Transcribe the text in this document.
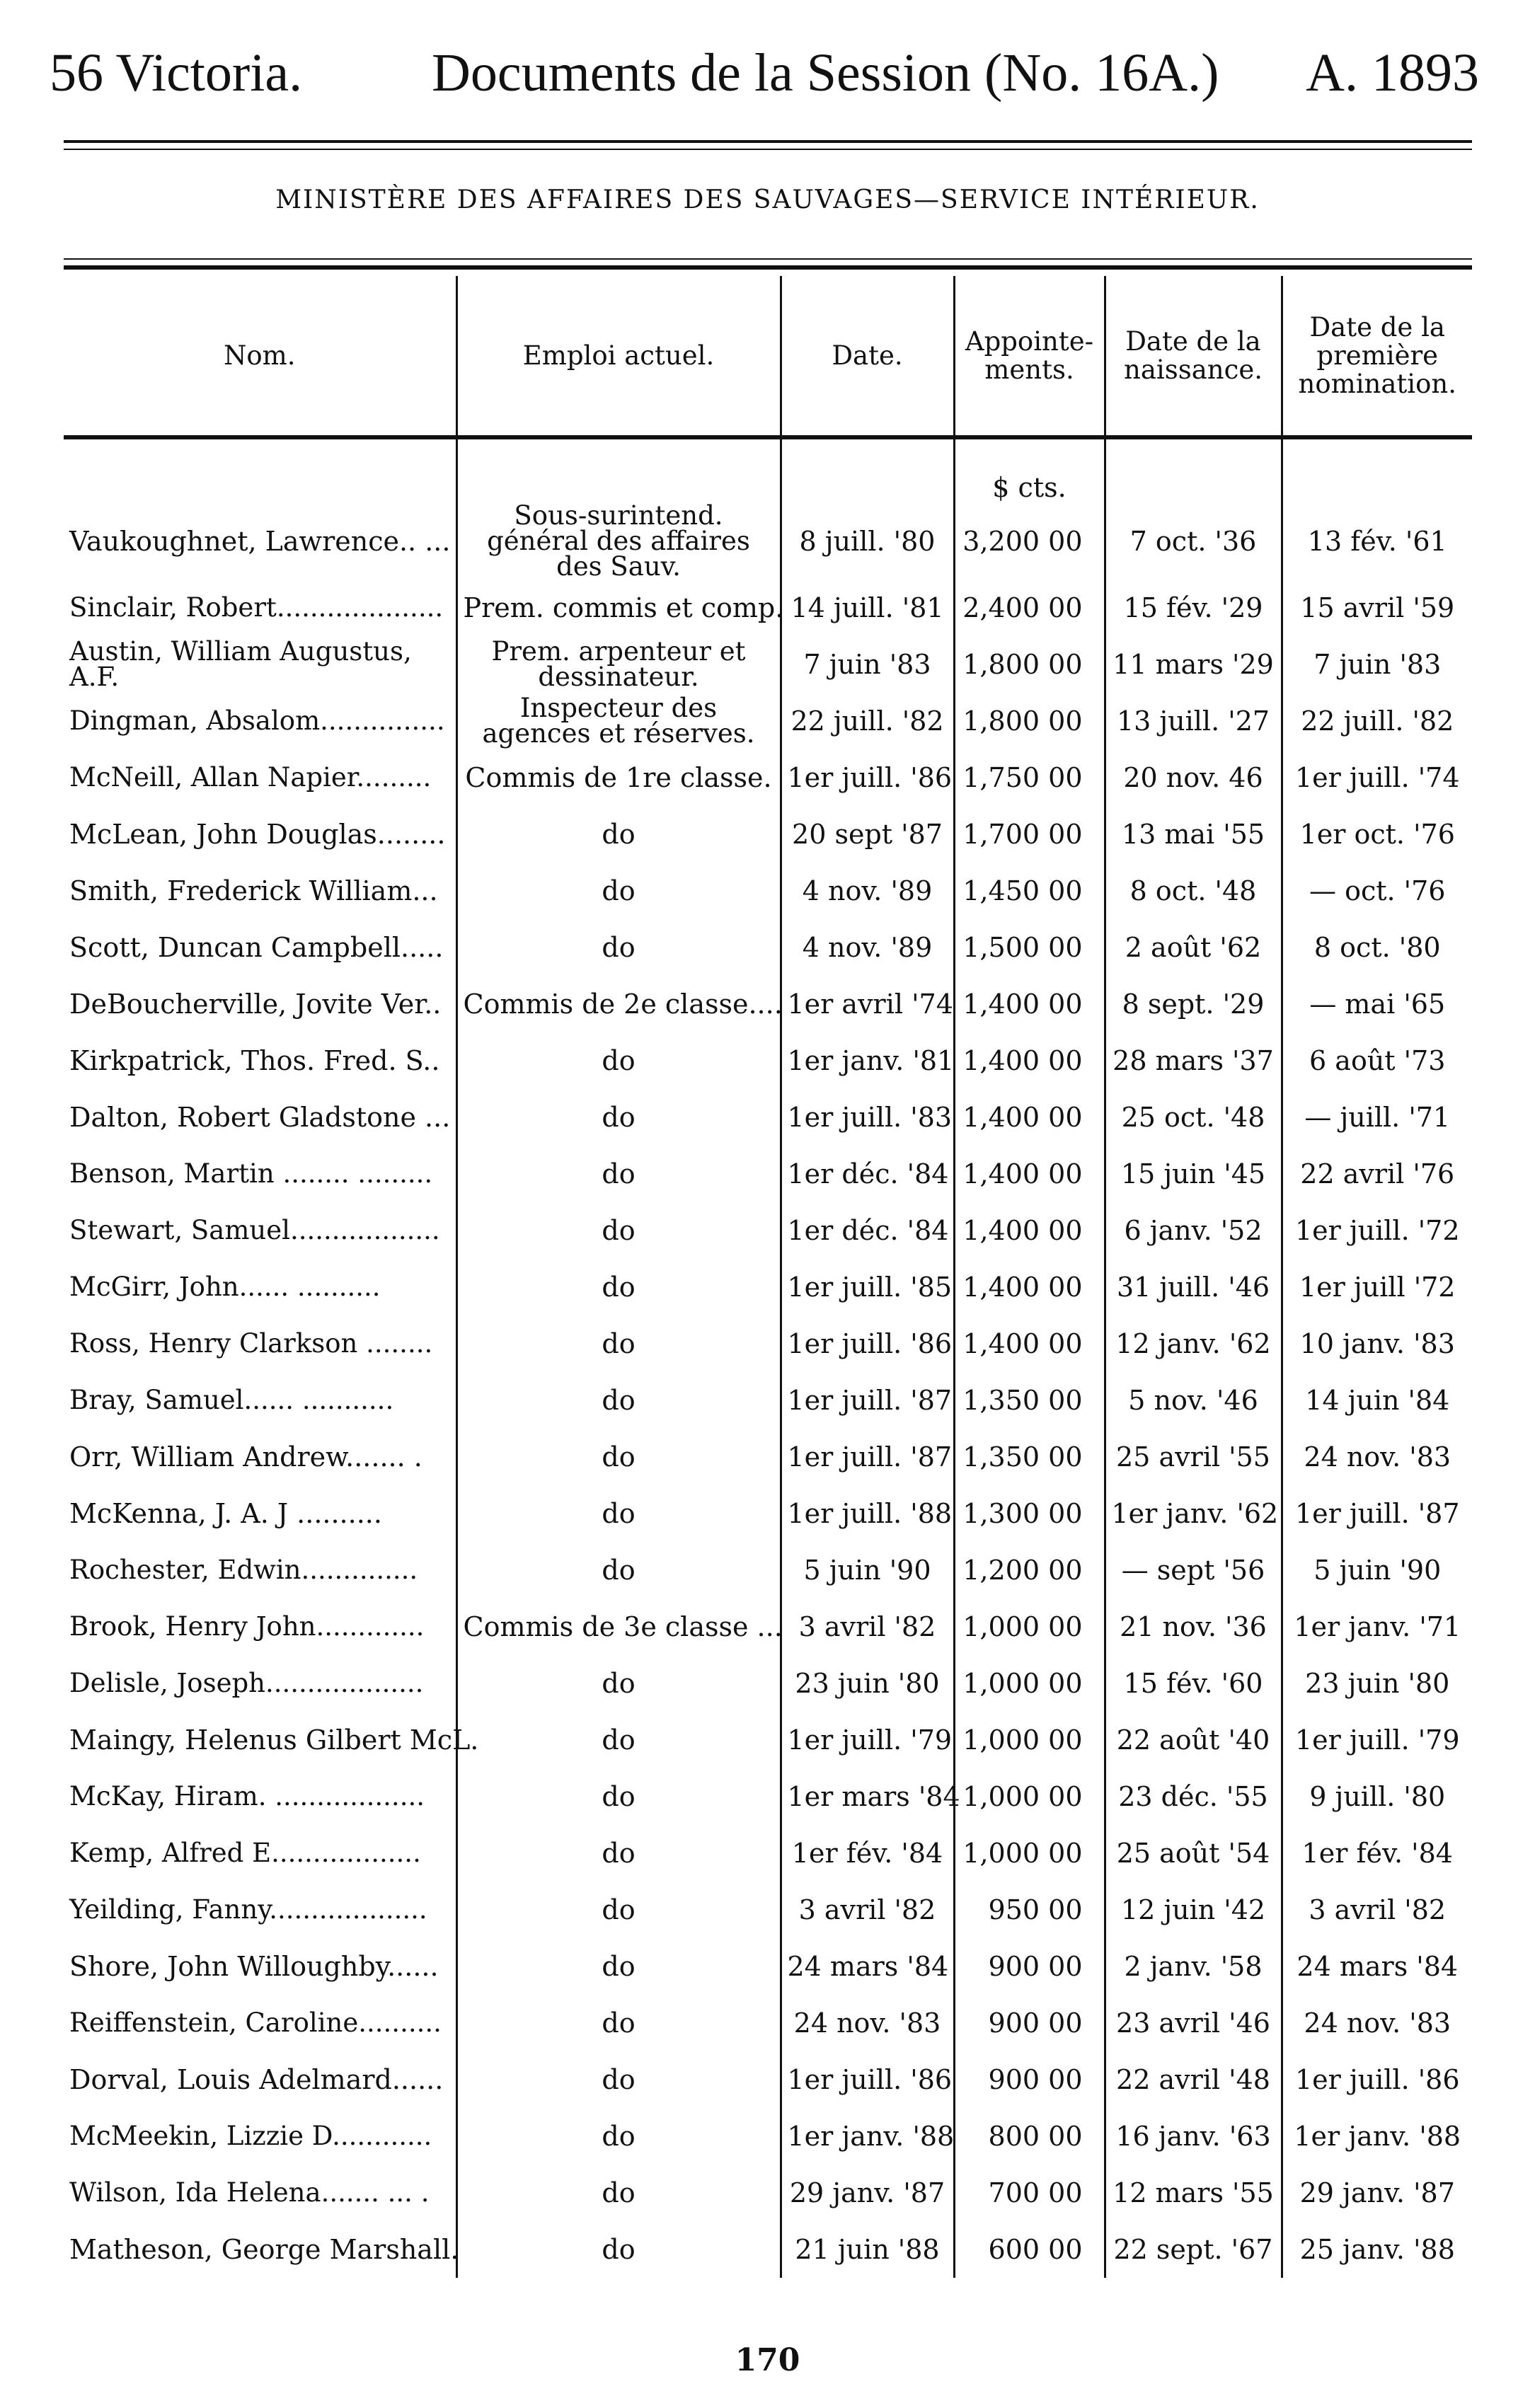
56 Victoria. Documents de la Session (No. 16A.) A. 1893
MINISTÈRE DES AFFAIRES DES SAUVAGES—SERVICE INTÉRIEUR.
Nom.	Emploi actuel.	Date.	Appointe-ments.	Date de la naissance.	Date de la première nomination.
			$ cts.		
Vaukoughnet, Lawrence.. ...	Sous-surintend. général des affaires des Sauv.	8 juill. '80	3,200 00	7 oct. '36	13 fév. '61
Sinclair, Robert....................	Prem. commis et comp.	14 juill. '81	2,400 00	15 fév. '29	15 avril '59
Austin, William Augustus, A.F.	Prem. arpenteur et dessinateur.	7 juin '83	1,800 00	11 mars '29	7 juin '83
Dingman, Absalom...............	Inspecteur des agences et réserves.	22 juill. '82	1,800 00	13 juill. '27	22 juill. '82
McNeill, Allan Napier.........	Commis de 1re classe.	1er juill. '86	1,750 00	20 nov. 46	1er juill. '74
McLean, John Douglas........	do	20 sept '87	1,700 00	13 mai '55	1er oct. '76
Smith, Frederick William...	do	4 nov. '89	1,450 00	8 oct. '48	— oct. '76
Scott, Duncan Campbell.....	do	4 nov. '89	1,500 00	2 août '62	8 oct. '80
DeBoucherville, Jovite Ver..	Commis de 2e classe....	1er avril '74	1,400 00	8 sept. '29	— mai '65
Kirkpatrick, Thos. Fred. S..	do	1er janv. '81	1,400 00	28 mars '37	6 août '73
Dalton, Robert Gladstone ...	do	1er juill. '83	1,400 00	25 oct. '48	— juill. '71
Benson, Martin ........ .........	do	1er déc. '84	1,400 00	15 juin '45	22 avril '76
Stewart, Samuel..................	do	1er déc. '84	1,400 00	6 janv. '52	1er juill. '72
McGirr, John...... ..........	do	1er juill. '85	1,400 00	31 juill. '46	1er juill '72
Ross, Henry Clarkson ........	do	1er juill. '86	1,400 00	12 janv. '62	10 janv. '83
Bray, Samuel...... ...........	do	1er juill. '87	1,350 00	5 nov. '46	14 juin '84
Orr, William Andrew....... .	do	1er juill. '87	1,350 00	25 avril '55	24 nov. '83
McKenna, J. A. J ..........	do	1er juill. '88	1,300 00	1er janv. '62	1er juill. '87
Rochester, Edwin..............	do	5 juin '90	1,200 00	— sept '56	5 juin '90
Brook, Henry John.............	Commis de 3e classe ...	3 avril '82	1,000 00	21 nov. '36	1er janv. '71
Delisle, Joseph...................	do	23 juin '80	1,000 00	15 fév. '60	23 juin '80
Maingy, Helenus Gilbert McL.	do	1er juill. '79	1,000 00	22 août '40	1er juill. '79
McKay, Hiram. ..................	do	1er mars '84	1,000 00	23 déc. '55	9 juill. '80
Kemp, Alfred E..................	do	1er fév. '84	1,000 00	25 août '54	1er fév. '84
Yeilding, Fanny...................	do	3 avril '82	950 00	12 juin '42	3 avril '82
Shore, John Willoughby......	do	24 mars '84	900 00	2 janv. '58	24 mars '84
Reiffenstein, Caroline..........	do	24 nov. '83	900 00	23 avril '46	24 nov. '83
Dorval, Louis Adelmard......	do	1er juill. '86	900 00	22 avril '48	1er juill. '86
McMeekin, Lizzie D............	do	1er janv. '88	800 00	16 janv. '63	1er janv. '88
Wilson, Ida Helena....... ... .	do	29 janv. '87	700 00	12 mars '55	29 janv. '87
Matheson, George Marshall.	do	21 juin '88	600 00	22 sept. '67	25 janv. '88
170
